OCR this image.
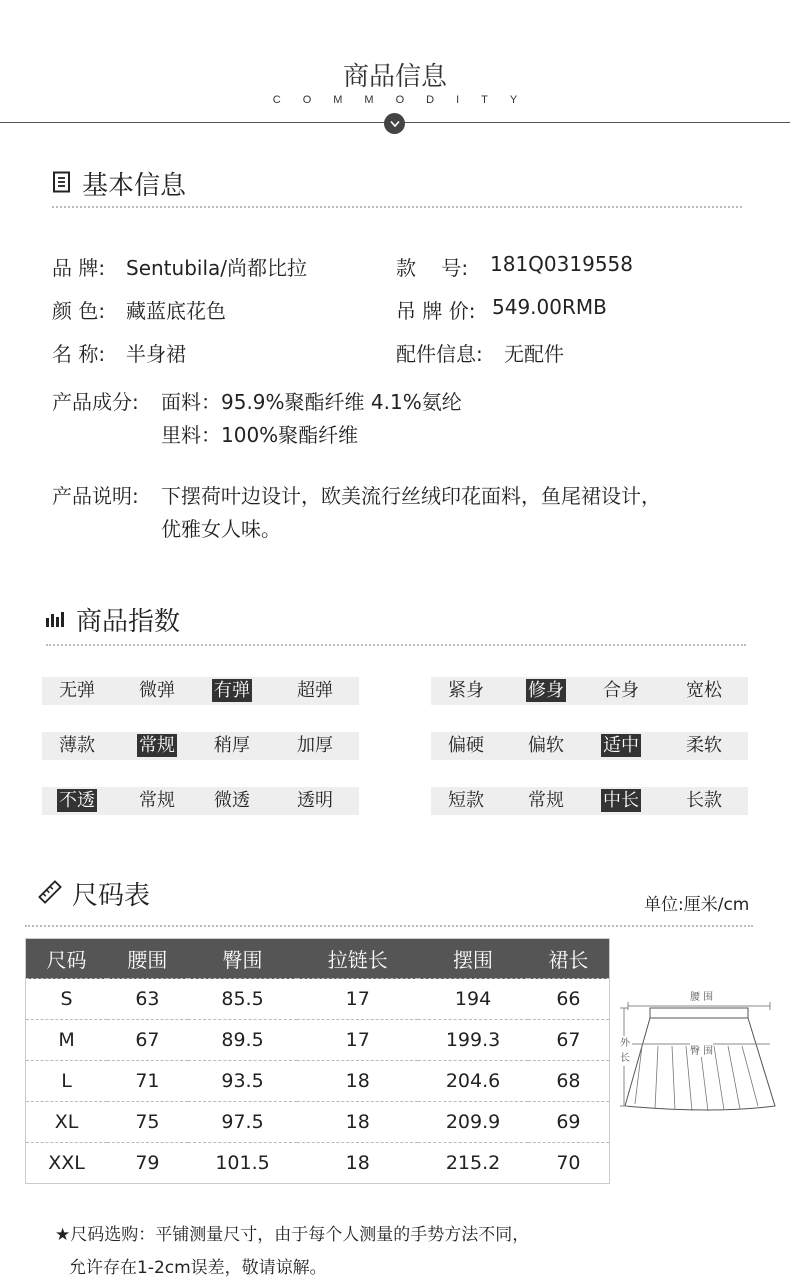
商品信息
COMMODITY
基本信息
品 牌: Sentubila/尚都比拉	款    号: 181Q0319558
颜 色: 藏蓝底花色	吊 牌 价: 549.00RMB
名 称: 半身裙	配件信息: 无配件
产品成分: 面料：95.9%聚酯纤维 4.1%氨纶
里料：100%聚酯纤维
产品说明: 下摆荷叶边设计，欧美流行丝绒印花面料，鱼尾裙设计，
优雅女人味。
商品指数
无弹	微弹	有弹	超弹
薄款	常规	稍厚	加厚
不透	常规	微透	透明
紧身	修身	合身	宽松
偏硬	偏软	适中	柔软
短款	常规	中长	长款
尺码表	单位:厘米/cm
尺码	腰围	臀围	拉链长	摆围	裙长
S	63	85.5	17	194	66
M	67	89.5	17	199.3	67
L	71	93.5	18	204.6	68
XL	75	97.5	18	209.9	69
XXL	79	101.5	18	215.2	70
腰 围
臀 围
外长
★尺码选购：平铺测量尺寸，由于每个人测量的手势方法不同，
允许存在1-2cm误差，敬请谅解。
